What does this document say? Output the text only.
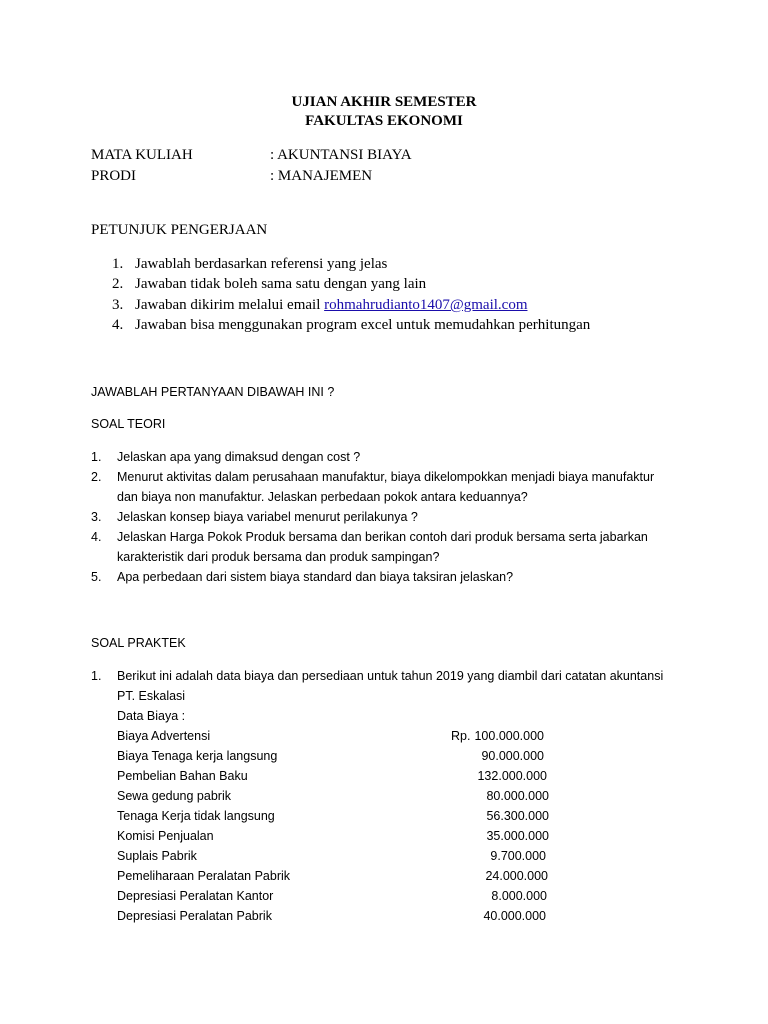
UJIAN AKHIR SEMESTER
FAKULTAS EKONOMI
MATA KULIAH	: AKUNTANSI BIAYA
PRODI	: MANAJEMEN
PETUNJUK PENGERJAAN
1. Jawablah berdasarkan referensi yang jelas
2. Jawaban tidak boleh sama satu dengan yang lain
3. Jawaban dikirim melalui email rohmahrudianto1407@gmail.com
4. Jawaban bisa menggunakan program excel untuk memudahkan perhitungan
JAWABLAH PERTANYAAN DIBAWAH INI ?
SOAL TEORI
1. Jelaskan apa yang dimaksud dengan cost ?
2. Menurut aktivitas dalam perusahaan manufaktur, biaya dikelompokkan menjadi biaya manufaktur
dan biaya non manufaktur. Jelaskan perbedaan pokok antara keduannya?
3. Jelaskan konsep biaya variabel menurut perilakunya ?
4. Jelaskan Harga Pokok Produk bersama dan berikan contoh dari produk bersama serta jabarkan
karakteristik dari produk bersama dan produk sampingan?
5. Apa perbedaan dari sistem biaya standard dan biaya taksiran jelaskan?
SOAL PRAKTEK
1. Berikut ini adalah data biaya dan persediaan untuk tahun 2019 yang diambil dari catatan akuntansi
PT. Eskalasi
Data Biaya :
Biaya Advertensi	Rp. 100.000.000
Biaya Tenaga kerja langsung	90.000.000
Pembelian Bahan Baku	132.000.000
Sewa gedung pabrik	80.000.000
Tenaga Kerja tidak langsung	56.300.000
Komisi Penjualan	35.000.000
Suplais Pabrik	9.700.000
Pemeliharaan Peralatan Pabrik	24.000.000
Depresiasi Peralatan Kantor	8.000.000
Depresiasi Peralatan Pabrik	40.000.000
